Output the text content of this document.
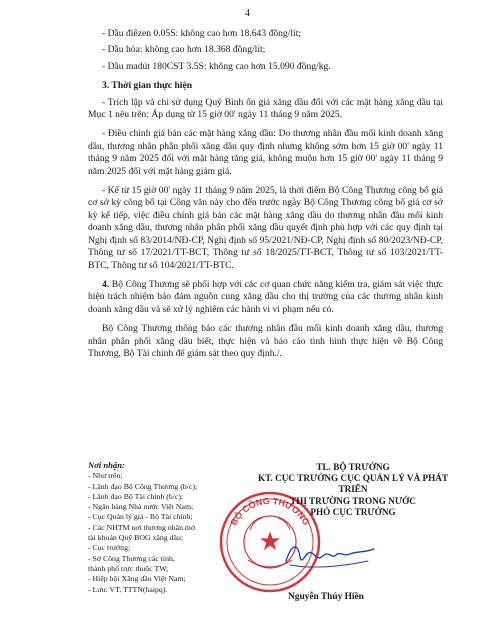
4

- Dầu điêzen 0.05S: không cao hơn 18.643 đồng/lít;

- Dầu hỏa: không cao hơn 18.368 đồng/lít;

- Dầu madút 180CST 3.5S: không cao hơn 15.090 đồng/kg.

3. Thời gian thực hiện

- Trích lập và chi sử dụng Quỹ Bình ổn giá xăng dầu đối với các mặt hàng xăng dầu tại Mục 1 nêu trên: Áp dụng từ 15 giờ 00' ngày 11 tháng 9 năm 2025.

- Điều chỉnh giá bán các mặt hàng xăng dầu: Do thương nhân đầu mối kinh doanh xăng dầu, thương nhân phân phối xăng dầu quy định nhưng không sớm hơn 15 giờ 00' ngày 11 tháng 9 năm 2025 đối với mặt hàng tăng giá, không muộn hơn 15 giờ 00' ngày 11 tháng 9 năm 2025 đối với mặt hàng giảm giá.

- Kể từ 15 giờ 00' ngày 11 tháng 9 năm 2025, là thời điểm Bộ Công Thương công bố giá cơ sở kỳ công bố tại Công văn này cho đến trước ngày Bộ Công Thương công bố giá cơ sở kỳ kế tiếp, việc điều chỉnh giá bán các mặt hàng xăng dầu do thương nhân đầu mối kinh doanh xăng dầu, thương nhân phân phối xăng dầu quyết định phù hợp với các quy định tại Nghị định số 83/2014/NĐ-CP, Nghị định số 95/2021/NĐ-CP, Nghị định số 80/2023/NĐ-CP, Thông tư số 17/2021/TT-BCT, Thông tư số 18/2025/TT-BCT, Thông tư số 103/2021/TT-BTC, Thông tư số 104/2021/TT-BTC.

4. Bộ Công Thương sẽ phối hợp với các cơ quan chức năng kiểm tra, giám sát việc thực hiện trách nhiệm bảo đảm nguồn cung xăng dầu cho thị trường của các thương nhân kinh doanh xăng dầu và sẽ xử lý nghiêm các hành vi vi phạm nếu có.

Bộ Công Thương thông báo các thương nhân đầu mối kinh doanh xăng dầu, thương nhân phân phối xăng dầu biết, thực hiện và báo cáo tình hình thực hiện về Bộ Công Thương, Bộ Tài chính để giám sát theo quy định./.

Nơi nhận:
- Như trên;
- Lãnh đạo Bộ Công Thương (b/c);
- Lãnh đạo Bộ Tài chính (b/c);
- Ngân hàng Nhà nước Việt Nam;
- Cục Quản lý giá - Bộ Tài chính;
- Các NHTM nơi thương nhân mở
tài khoản Quỹ BOG xăng dầu;
- Cục trưởng;
- Sở Công Thương các tỉnh,
thành phố trực thuộc TW;
- Hiệp hội Xăng dầu Việt Nam;
- Lưu: VT, TTTN(haipq).
BỘ CÔNG THƯƠNG
★
TL. BỘ TRƯỞNG
KT. CỤC TRƯỞNG CỤC QUẢN LÝ VÀ PHÁT TRIỂN
THỊ TRƯỜNG TRONG NƯỚC
PHÓ CỤC TRƯỞNG
Nguyễn Thúy Hiền
